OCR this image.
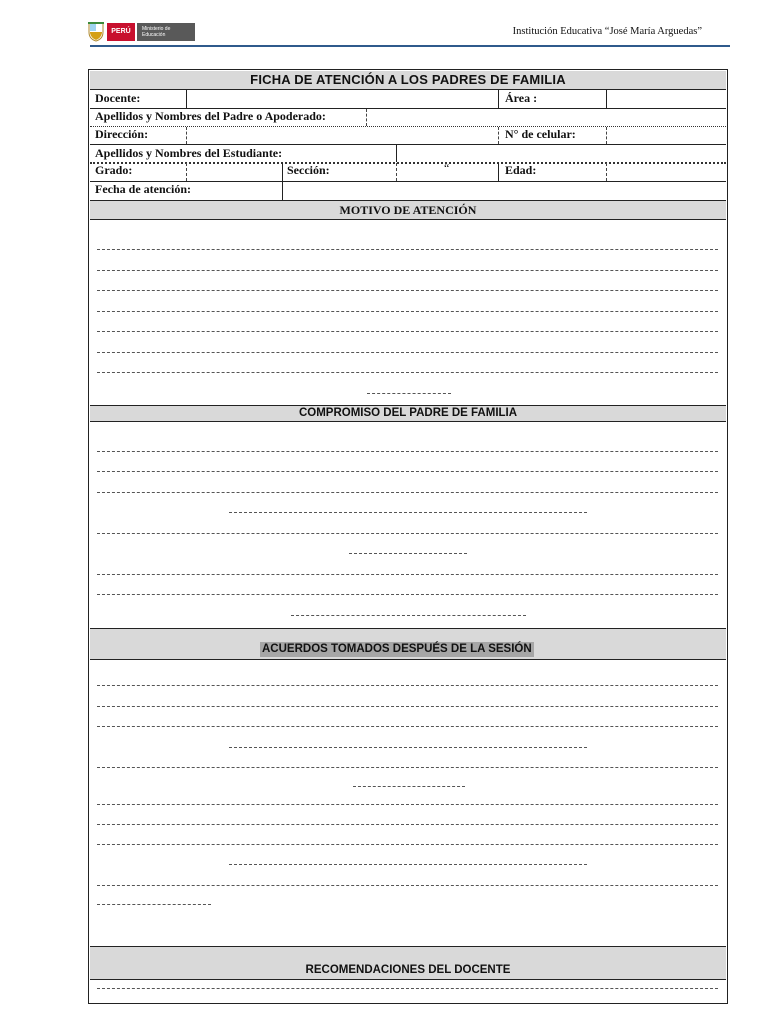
PERÚ	Ministerio de Educación	Institución Educativa “José María Arguedas”
FICHA DE ATENCIÓN A LOS PADRES DE FAMILIA
Docente:	Área :
Apellidos y Nombres del Padre o Apoderado:
Dirección:	N° de celular:
Apellidos y Nombres del Estudiante:
Grado:	Sección:	“	Edad:
Fecha de atención:
MOTIVO DE ATENCIÓN
COMPROMISO DEL PADRE DE FAMILIA
ACUERDOS TOMADOS DESPUÉS DE LA SESIÓN
RECOMENDACIONES DEL DOCENTE
